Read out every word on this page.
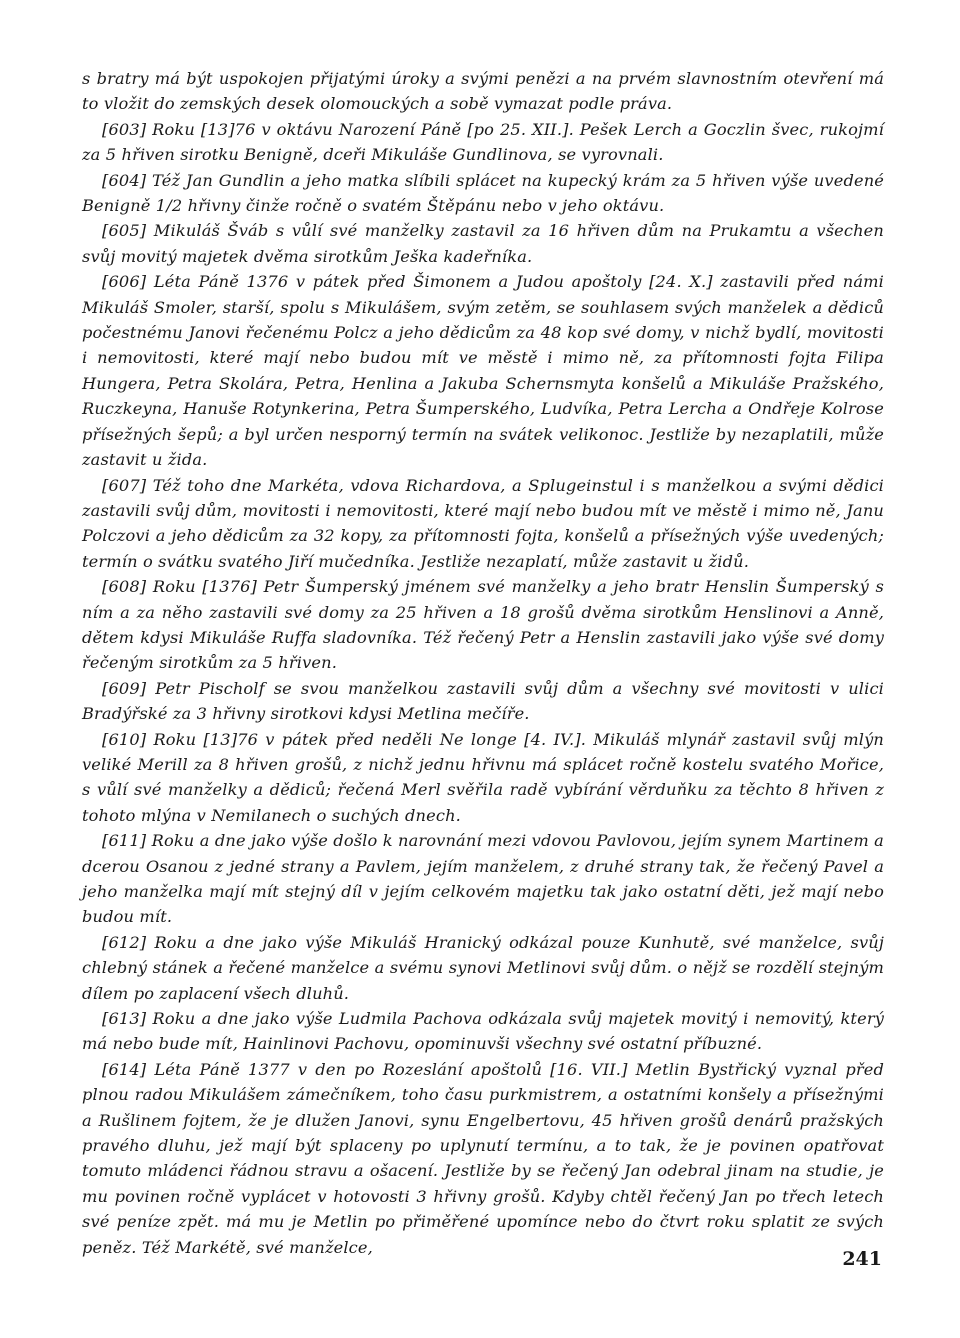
s bratry má být uspokojen přijatými úroky a svými penězi a na prvém slavnostním otevření má to vložit do zemských desek olomouckých a sobě vymazat podle práva.

[603] Roku [13]76 v oktávu Narození Páně [po 25. XII.]. Pešek Lerch a Goczlin švec, rukojmí za 5 hřiven sirotku Benigně, dceři Mikuláše Gundlinova, se vyrovnali.

[604] Též Jan Gundlin a jeho matka slíbili splácet na kupecký krám za 5 hřiven výše uvedené Benigně 1/2 hřivny činže ročně o svatém Štěpánu nebo v jeho oktávu.

[605] Mikuláš Šváb s vůlí své manželky zastavil za 16 hřiven dům na Prukamtu a všechen svůj movitý majetek dvěma sirotkům Ješka kadeřníka.

[606] Léta Páně 1376 v pátek před Šimonem a Judou apoštoly [24. X.] zastavili před námi Mikuláš Smoler, starší, spolu s Mikulášem, svým zetěm, se souhlasem svých manželek a dědiců počestnému Janovi řečenému Polcz a jeho dědicům za 48 kop své domy, v nichž bydlí, movitosti i nemovitosti, které mají nebo budou mít ve městě i mimo ně, za přítomnosti fojta Filipa Hungera, Petra Skolára, Petra, Henlina a Jakuba Schernsmyta konšelů a Mikuláše Pražského, Ruczkeyna, Hanuše Rotynkerina, Petra Šumperského, Ludvíka, Petra Lercha a Ondřeje Kolrose přísežných šepů; a byl určen nesporný termín na svátek velikonoc. Jestliže by nezaplatili, může zastavit u žida.

[607] Též toho dne Markéta, vdova Richardova, a Splugeinstul i s manželkou a svými dědici zastavili svůj dům, movitosti i nemovitosti, které mají nebo budou mít ve městě i mimo ně, Janu Polczovi a jeho dědicům za 32 kopy, za přítomnosti fojta, konšelů a přísežných výše uvedených; termín o svátku svatého Jiří mučedníka. Jestliže nezaplatí, může zastavit u židů.

[608] Roku [1376] Petr Šumperský jménem své manželky a jeho bratr Henslin Šumperský s ním a za něho zastavili své domy za 25 hřiven a 18 grošů dvěma sirotkům Henslinovi a Anně, dětem kdysi Mikuláše Ruffa sladovníka. Též řečený Petr a Henslin zastavili jako výše své domy řečeným sirotkům za 5 hřiven.

[609] Petr Pischolf se svou manželkou zastavili svůj dům a všechny své movitosti v ulici Bradýřské za 3 hřivny sirotkovi kdysi Metlina mečíře.

[610] Roku [13]76 v pátek před neděli Ne longe [4. IV.]. Mikuláš mlynář zastavil svůj mlýn veliké Merill za 8 hřiven grošů, z nichž jednu hřivnu má splácet ročně kostelu svatého Mořice, s vůlí své manželky a dědiců; řečená Merl svěřila radě vybírání věrduňku za těchto 8 hřiven z tohoto mlýna v Nemilanech o suchých dnech.

[611] Roku a dne jako výše došlo k narovnání mezi vdovou Pavlovou, jejím synem Martinem a dcerou Osanou z jedné strany a Pavlem, jejím manželem, z druhé strany tak, že řečený Pavel a jeho manželka mají mít stejný díl v jejím celkovém majetku tak jako ostatní děti, jež mají nebo budou mít.

[612] Roku a dne jako výše Mikuláš Hranický odkázal pouze Kunhutě, své manželce, svůj chlebný stánek a řečené manželce a svému synovi Metlinovi svůj dům. o nějž se rozdělí stejným dílem po zaplacení všech dluhů.

[613] Roku a dne jako výše Ludmila Pachova odkázala svůj majetek movitý i nemovitý, který má nebo bude mít, Hainlinovi Pachovu, opominuvši všechny své ostatní příbuzné.

[614] Léta Páně 1377 v den po Rozeslání apoštolů [16. VII.] Metlin Bystřický vyznal před plnou radou Mikulášem zámečníkem, toho času purkmistrem, a ostatními konšely a přísežnými a Rušlinem fojtem, že je dlužen Janovi, synu Engelbertovu, 45 hřiven grošů denárů pražských pravého dluhu, jež mají být splaceny po uplynutí termínu, a to tak, že je povinen opatřovat tomuto mládenci řádnou stravu a ošacení. Jestliže by se řečený Jan odebral jinam na studie, je mu povinen ročně vyplácet v hotovosti 3 hřivny grošů. Kdyby chtěl řečený Jan po třech letech své peníze zpět. má mu je Metlin po přiměřené upomínce nebo do čtvrt roku splatit ze svých peněz. Též Markétě, své manželce,

241
